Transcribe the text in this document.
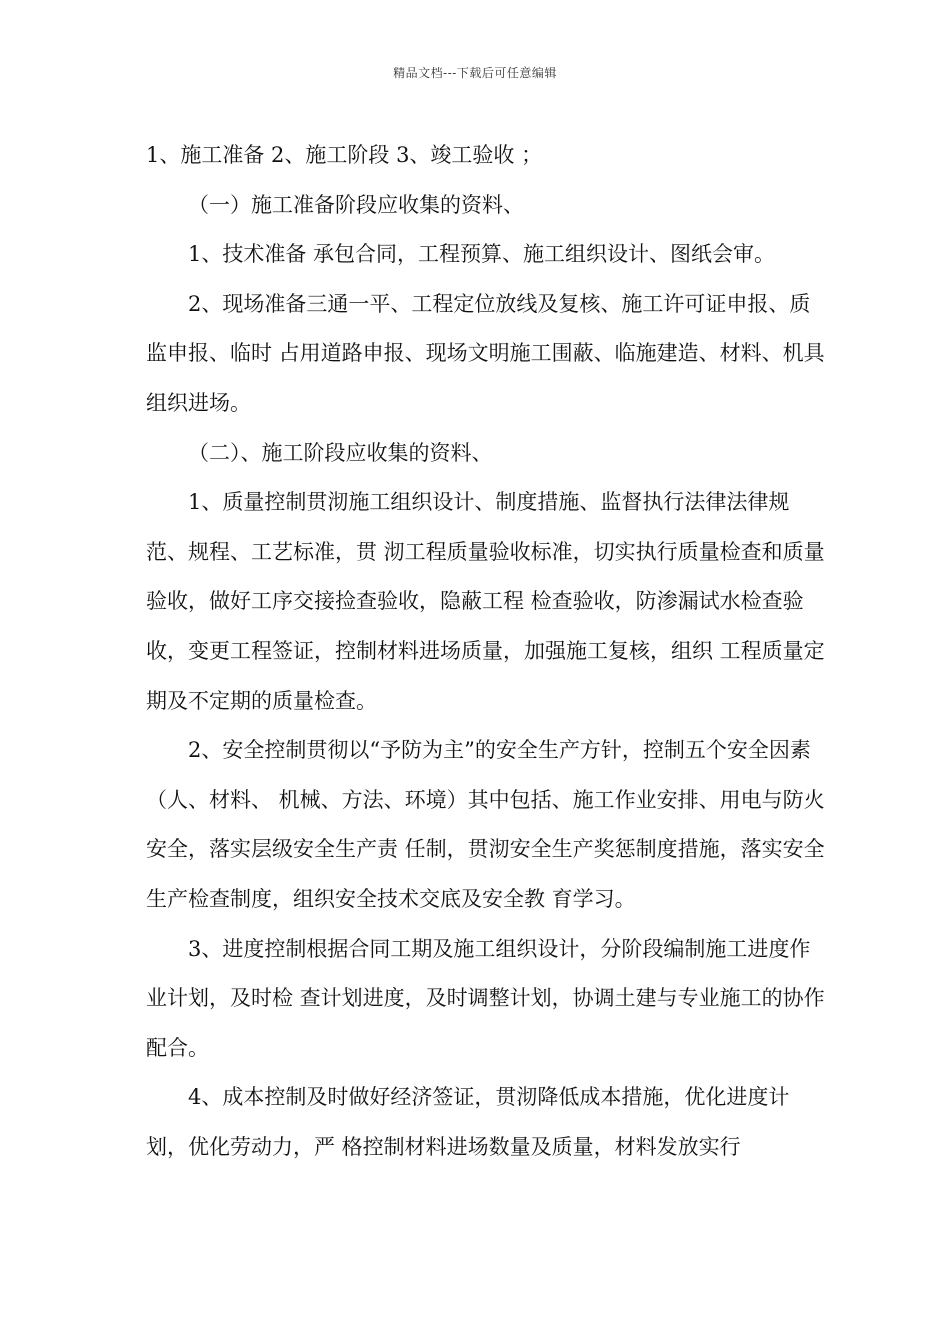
精品文档---下载后可任意编辑

1、施工准备 2、施工阶段 3、竣工验收 ；

（一）施工准备阶段应收集的资料、

1、技术准备 承包合同，工程预算、施工组织设计、图纸会审。

2、现场准备三通一平、工程定位放线及复核、施工许可证申报、质监申报、临时 占用道路申报、现场文明施工围蔽、临施建造、材料、机具组织进场。

（二）、施工阶段应收集的资料、

1、质量控制贯沏施工组织设计、制度措施、监督执行法律法律规范、规程、工艺标准，贯 沏工程质量验收标准，切实执行质量检查和质量验收，做好工序交接捡查验收，隐蔽工程 检查验收，防渗漏试水检查验收，变更工程签证，控制材料进场质量，加强施工复核，组织 工程质量定期及不定期的质量检查。

2、安全控制贯彻以“予防为主”的安全生产方针，控制五个安全因素（人、材料、 机械、方法、环境）其中包括、施工作业安排、用电与防火安全，落实层级安全生产责 任制，贯沏安全生产奖惩制度措施，落实安全生产检查制度，组织安全技术交底及安全教 育学习。

3、进度控制根据合同工期及施工组织设计，分阶段编制施工进度作业计划，及时检 查计划进度，及时调整计划，协调土建与专业施工的协作配合。

4、成本控制及时做好经济签证，贯沏降低成本措施，优化进度计划，优化劳动力，严 格控制材料进场数量及质量，材料发放实行
